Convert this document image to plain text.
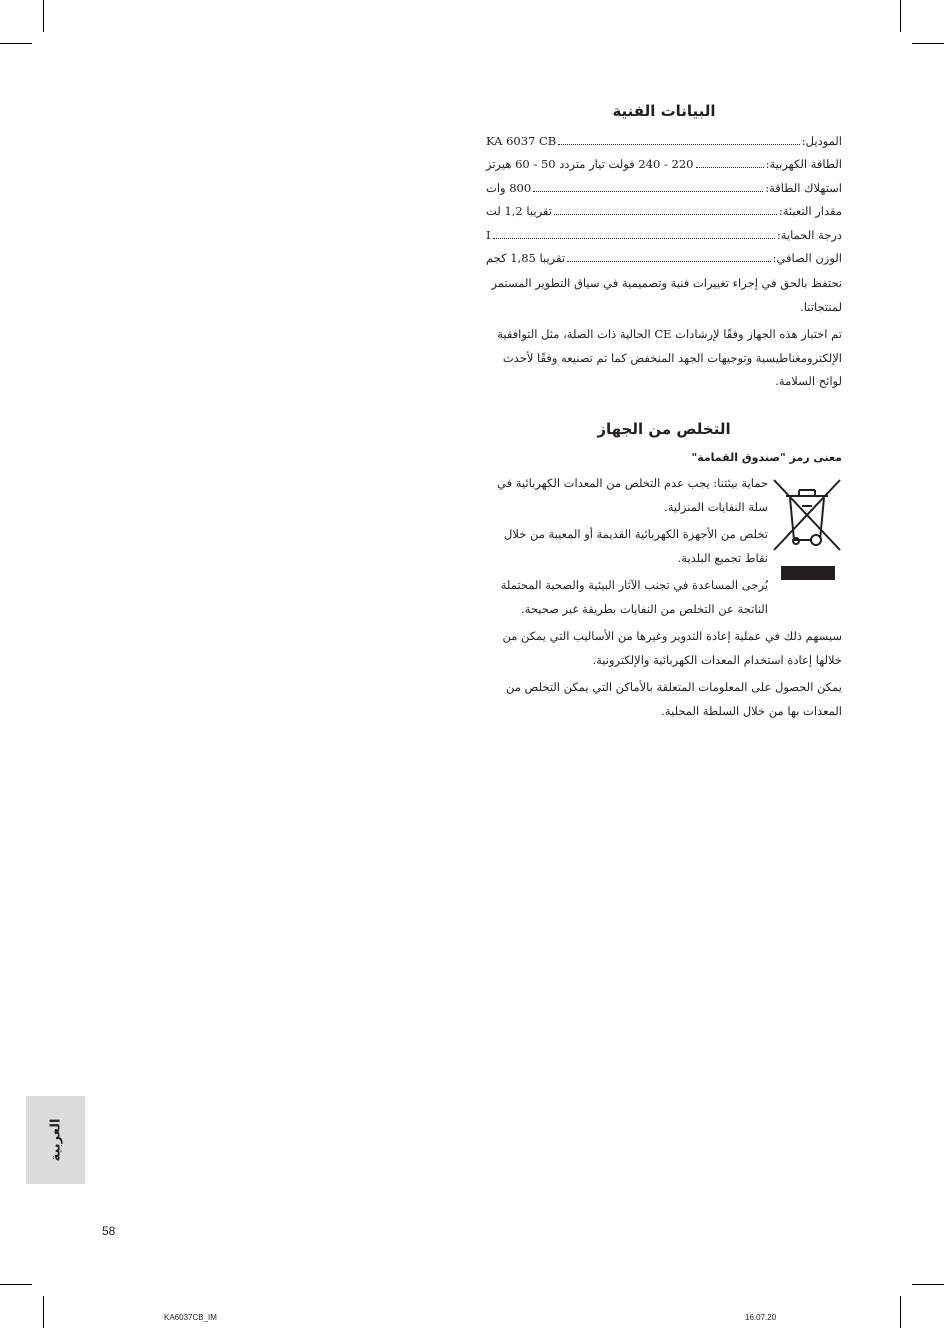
البيانات الفنية
الموديل:
KA 6037 CB
الطاقة الكهربية:
220 - 240 فولت تيار متردد 50 - 60 هيرتز
استهلاك الطاقة:
800 وات
مقدار التعبئة:
تقريبا 1,2 لت
درجة الحماية:
I
الوزن الصافي:
تقريبا 1,85 كجم

نحتفظ بالحق في إجراء تغييرات فنية وتصميمية في سياق التطوير المستمر لمنتجاتنا.

تم اختبار هذه الجهاز وفقًا لإرشادات CE الحالية ذات الصلة، مثل التوافقية الإلكترومغناطيسية وتوجيهات الجهد المنخفض كما تم تصنيعه وفقًا لأحدث لوائح السلامة.

التخلص من الجهاز
معنى رمز "صندوق القمامة"

حماية بيئتنا: يجب عدم التخلص من المعدات الكهربائية في سلة النفايات المنزلية.

تخلص من الأجهزة الكهربائية القديمة أو المعيبة من خلال نقاط تجميع البلدية.

يُرجى المساعدة في تجنب الآثار البيئية والصحية المحتملة الناتجة عن التخلص من النفايات بطريقة غير صحيحة.

سيسهم ذلك في عملية إعادة التدوير وغيرها من الأساليب التي يمكن من خلالها إعادة استخدام المعدات الكهربائية والإلكترونية.

يمكن الحصول على المعلومات المتعلقة بالأماكن التي يمكن التخلص من المعدات بها من خلال السلطة المحلية.

العربية
58
KA6037CB_IM	16.07.20
